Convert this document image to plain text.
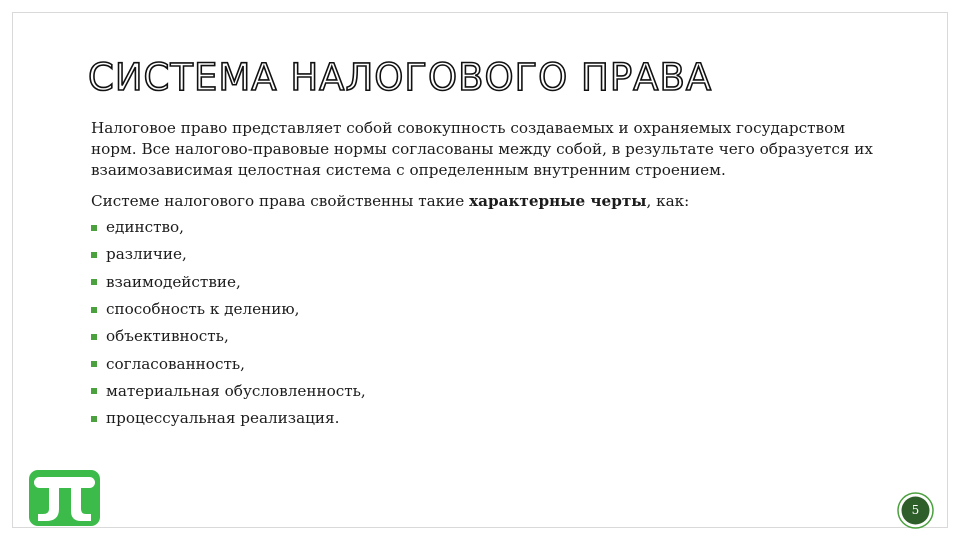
СИСТЕМА НАЛОГОВОГО ПРАВА

Налоговое право представляет собой совокупность создаваемых и охраняемых государством норм. Все налогово-правовые нормы согласованы между собой, в результате чего образуется их взаимозависимая целостная система с определенным внутренним строением.

Системе налогового права свойственны такие характерные черты, как:

единство,
различие,
взаимодействие,
способность к делению,
объективность,
согласованность,
материальная обусловленность,
процессуальная реализация.
5
